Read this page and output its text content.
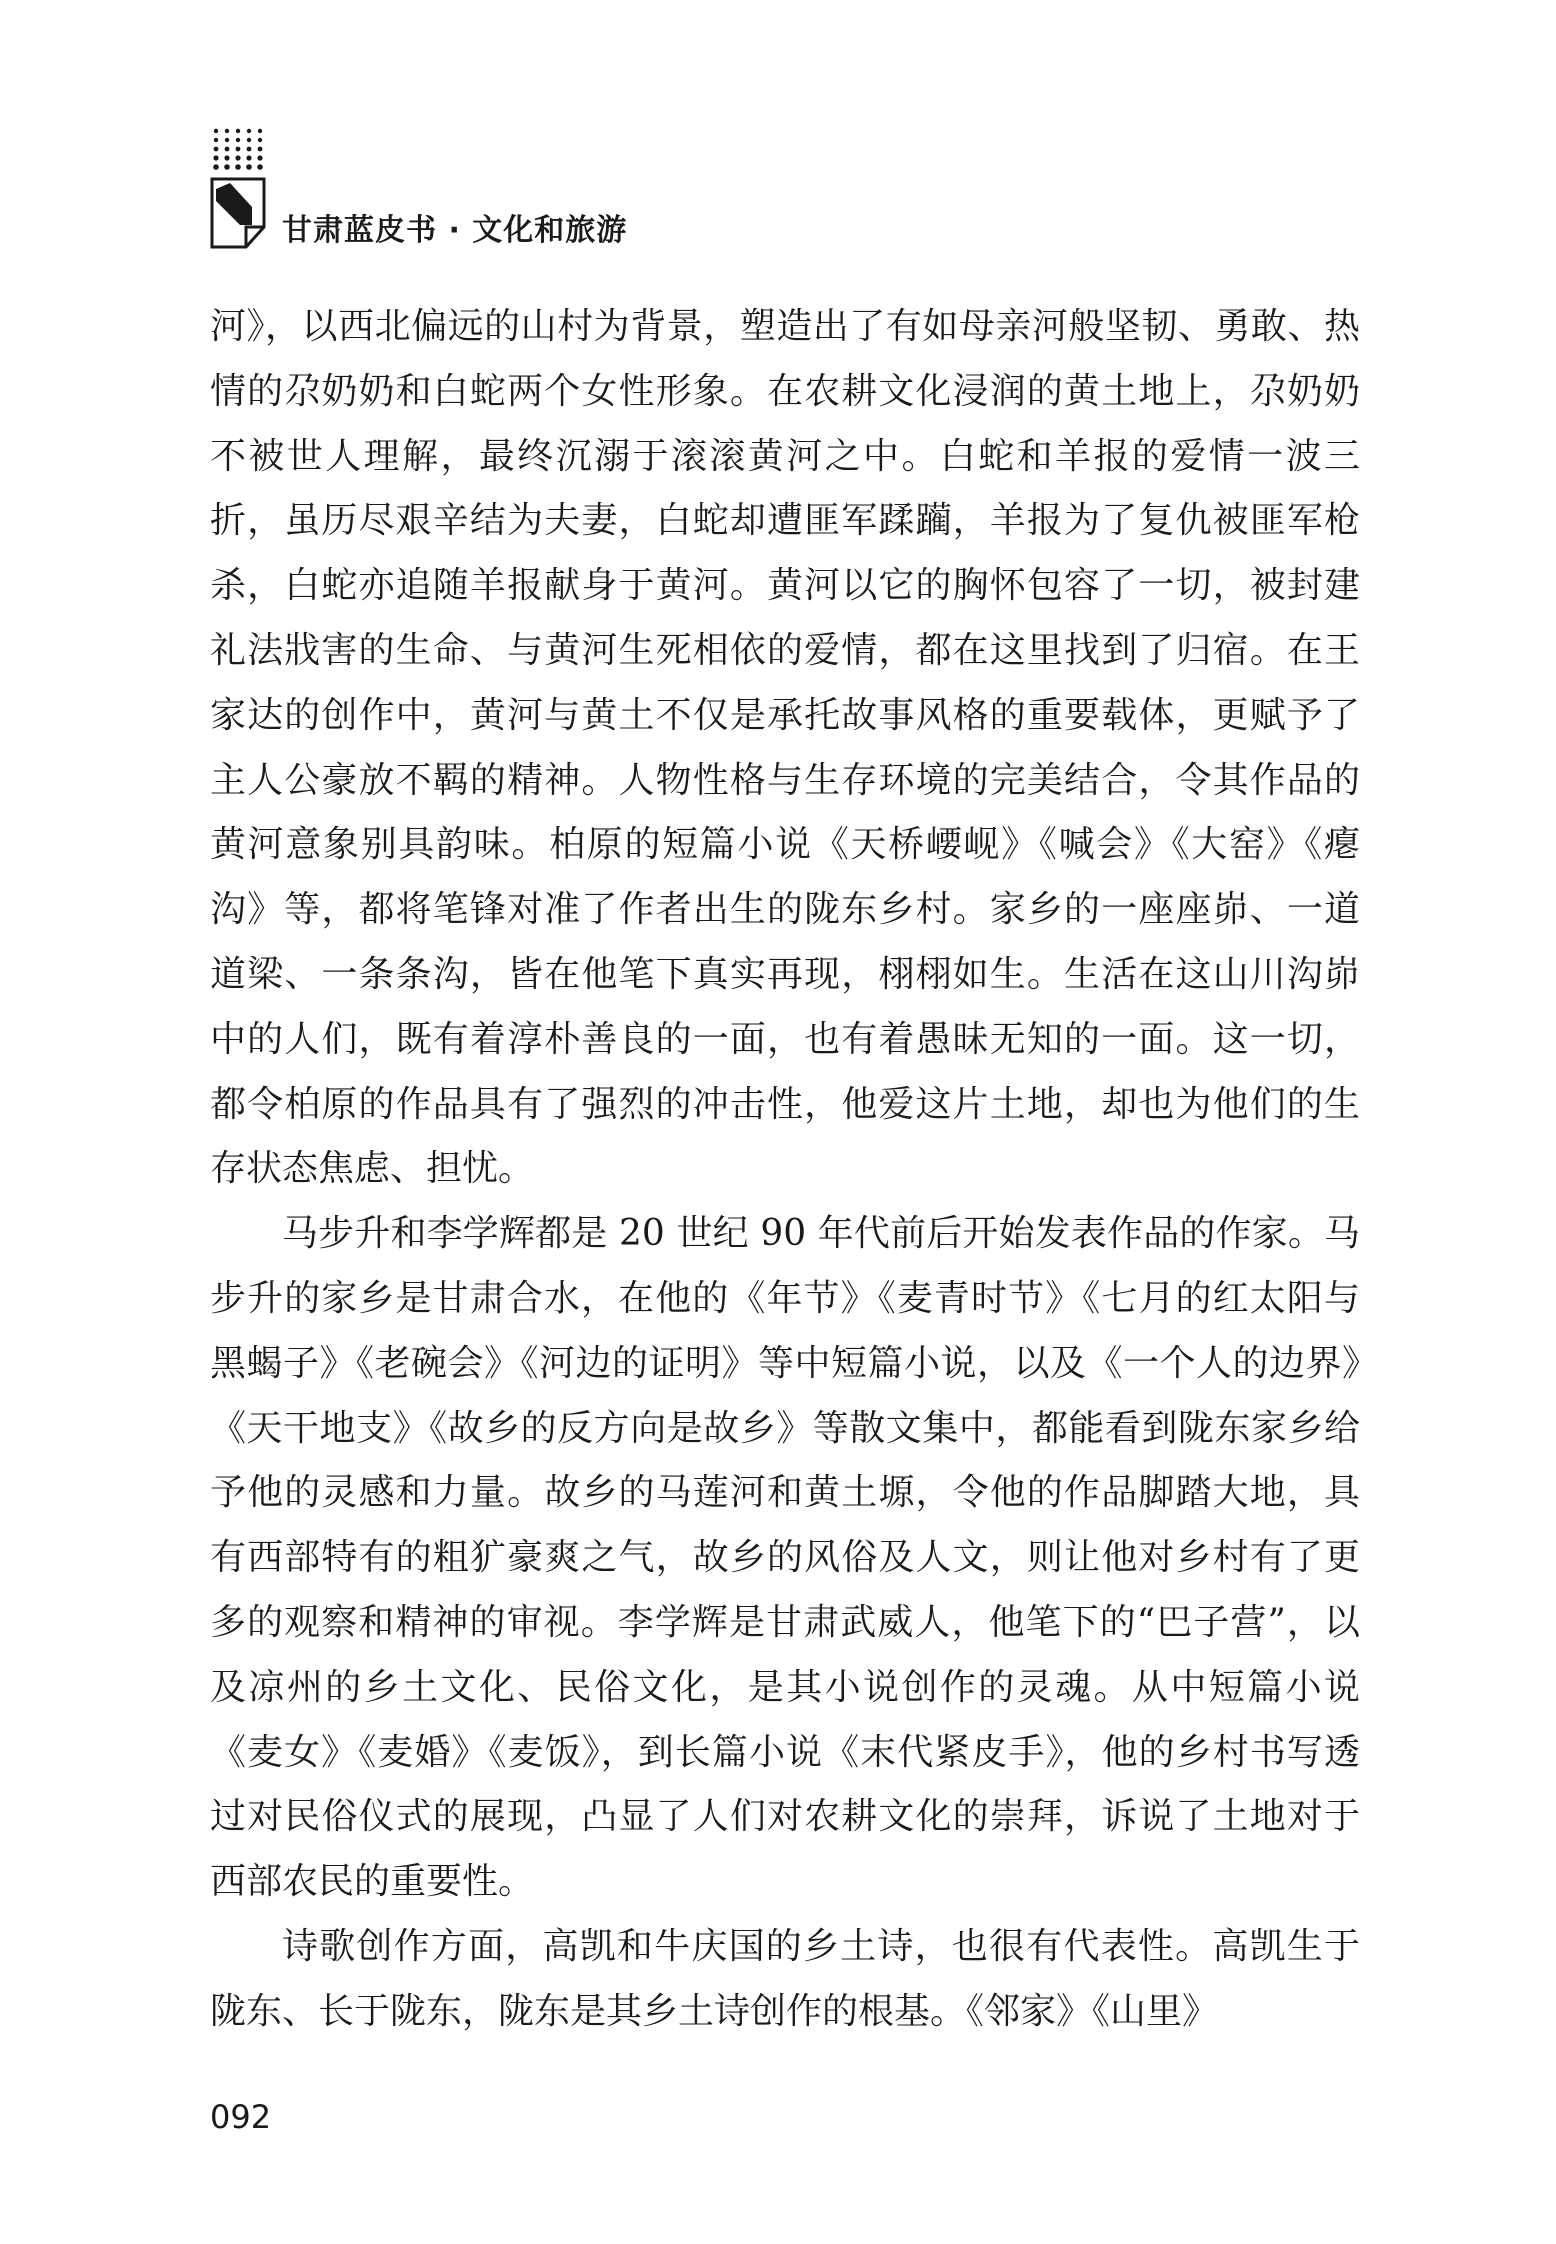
甘肃蓝皮书 · 文化和旅游

河》，以西北偏远的山村为背景，塑造出了有如母亲河般坚韧、勇敢、热情的尕奶奶和白蛇两个女性形象。在农耕文化浸润的黄土地上，尕奶奶不被世人理解，最终沉溺于滚滚黄河之中。白蛇和羊报的爱情一波三折，虽历尽艰辛结为夫妻，白蛇却遭匪军蹂躏，羊报为了复仇被匪军枪杀，白蛇亦追随羊报献身于黄河。黄河以它的胸怀包容了一切，被封建礼法戕害的生命、与黄河生死相依的爱情，都在这里找到了归宿。在王家达的创作中，黄河与黄土不仅是承托故事风格的重要载体，更赋予了主人公豪放不羁的精神。人物性格与生存环境的完美结合，令其作品的黄河意象别具韵味。柏原的短篇小说《天桥崾岘》《喊会》《大窑》《瘪沟》等，都将笔锋对准了作者出生的陇东乡村。家乡的一座座峁、一道道梁、一条条沟，皆在他笔下真实再现，栩栩如生。生活在这山川沟峁中的人们，既有着淳朴善良的一面，也有着愚昧无知的一面。这一切，都令柏原的作品具有了强烈的冲击性，他爱这片土地，却也为他们的生存状态焦虑、担忧。

马步升和李学辉都是 20 世纪 90 年代前后开始发表作品的作家。马步升的家乡是甘肃合水，在他的《年节》《麦青时节》《七月的红太阳与黑蝎子》《老碗会》《河边的证明》等中短篇小说，以及《一个人的边界》《天干地支》《故乡的反方向是故乡》等散文集中，都能看到陇东家乡给予他的灵感和力量。故乡的马莲河和黄土塬，令他的作品脚踏大地，具有西部特有的粗犷豪爽之气，故乡的风俗及人文，则让他对乡村有了更多的观察和精神的审视。李学辉是甘肃武威人，他笔下的“巴子营”，以及凉州的乡土文化、民俗文化，是其小说创作的灵魂。从中短篇小说《麦女》《麦婚》《麦饭》，到长篇小说《末代紧皮手》，他的乡村书写透过对民俗仪式的展现，凸显了人们对农耕文化的崇拜，诉说了土地对于西部农民的重要性。

诗歌创作方面，高凯和牛庆国的乡土诗，也很有代表性。高凯生于陇东、长于陇东，陇东是其乡土诗创作的根基。《邻家》《山里》

092
